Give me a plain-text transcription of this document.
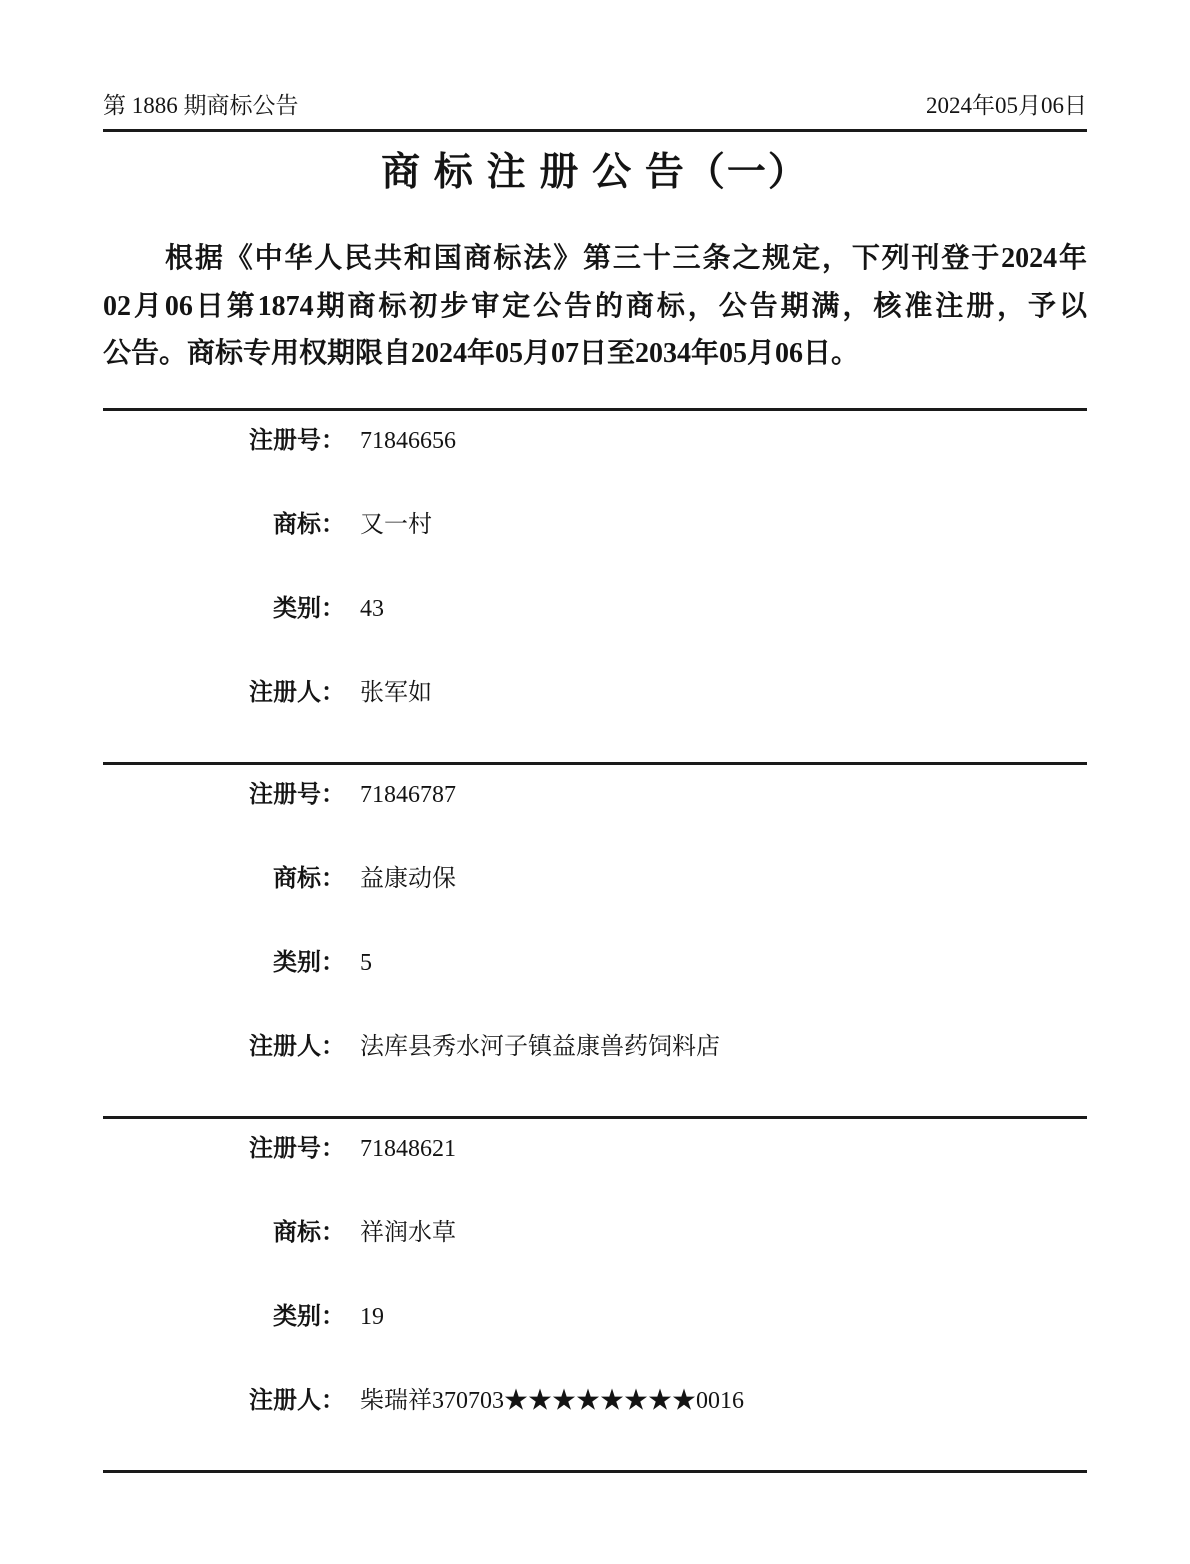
第 1886 期商标公告	2024年05月06日
商 标 注 册 公 告（一）
根据《中华人民共和国商标法》第三十三条之规定，下列刊登于2024年
02月06日第1874期商标初步审定公告的商标，公告期满，核准注册，予以
公告。商标专用权期限自2024年05月07日至2034年05月06日。
注册号： 71846656
商标： 又一村
类别： 43
注册人： 张军如
注册号： 71846787
商标： 益康动保
类别： 5
注册人： 法库县秀水河子镇益康兽药饲料店
注册号： 71848621
商标： 祥润水草
类别： 19
注册人： 柴瑞祥370703★★★★★★★★0016
